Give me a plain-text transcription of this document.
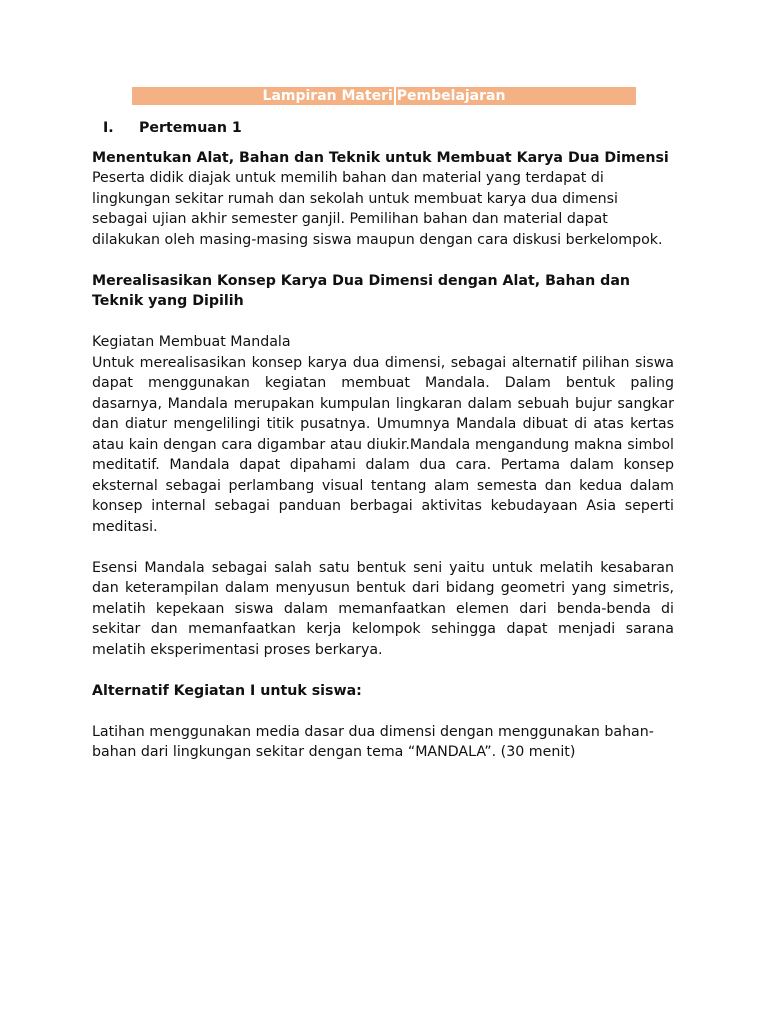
Lampiran Materi Pembelajaran
I. Pertemuan 1
Menentukan Alat, Bahan dan Teknik untuk Membuat Karya Dua Dimensi

Peserta didik diajak untuk memilih bahan dan material yang terdapat di lingkungan sekitar rumah dan sekolah untuk membuat karya dua dimensi sebagai ujian akhir semester ganjil. Pemilihan bahan dan material dapat dilakukan oleh masing-masing siswa maupun dengan cara diskusi berkelompok.

Merealisasikan Konsep Karya Dua Dimensi dengan Alat, Bahan dan Teknik yang Dipilih

Kegiatan Membuat Mandala

Untuk merealisasikan konsep karya dua dimensi, sebagai alternatif pilihan siswa dapat menggunakan kegiatan membuat Mandala. Dalam bentuk paling dasarnya, Mandala merupakan kumpulan lingkaran dalam sebuah bujur sangkar dan diatur mengelilingi titik pusatnya. Umumnya Mandala dibuat di atas kertas atau kain dengan cara digambar atau diukir.Mandala mengandung makna simbol meditatif. Mandala dapat dipahami dalam dua cara. Pertama dalam konsep eksternal sebagai perlambang visual tentang alam semesta dan kedua dalam konsep internal sebagai panduan berbagai aktivitas kebudayaan Asia seperti meditasi.

Esensi Mandala sebagai salah satu bentuk seni yaitu untuk melatih kesabaran dan keterampilan dalam menyusun bentuk dari bidang geometri yang simetris, melatih kepekaan siswa dalam memanfaatkan elemen dari benda-benda di sekitar dan memanfaatkan kerja kelompok sehingga dapat menjadi sarana melatih eksperimentasi proses berkarya.

Alternatif Kegiatan I untuk siswa:

Latihan menggunakan media dasar dua dimensi dengan menggunakan bahan-bahan dari lingkungan sekitar dengan tema “MANDALA”. (30 menit)
